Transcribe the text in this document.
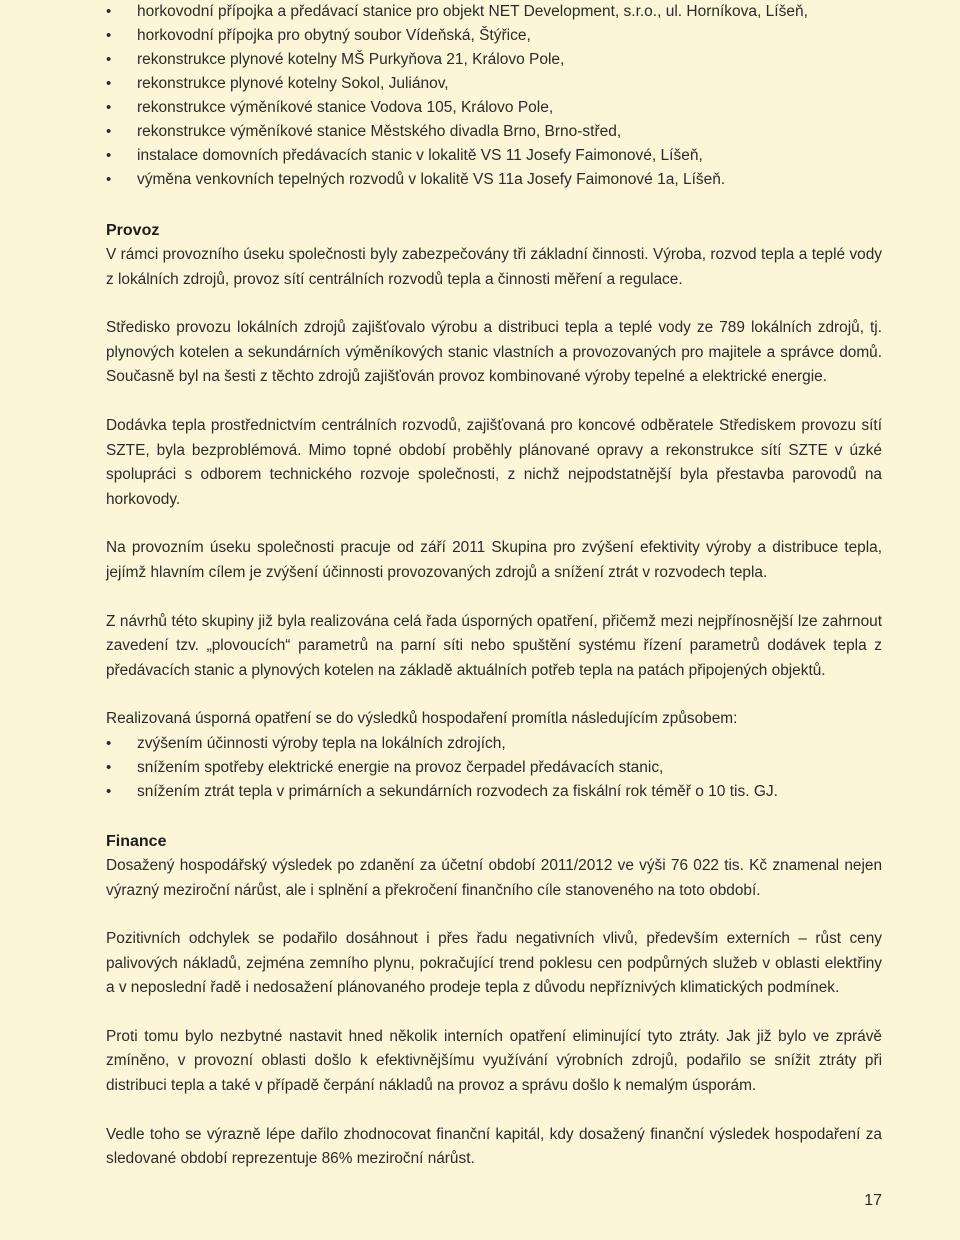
• horkovodní přípojka a předávací stanice pro objekt NET Development, s.r.o., ul. Horníkova, Líšeň,
• horkovodní přípojka pro obytný soubor Vídeňská, Štýřice,
• rekonstrukce plynové kotelny MŠ Purkyňova 21, Královo Pole,
• rekonstrukce plynové kotelny Sokol, Juliánov,
• rekonstrukce výměníkové stanice Vodova 105, Královo Pole,
• rekonstrukce výměníkové stanice Městského divadla Brno, Brno-střed,
• instalace domovních předávacích stanic v lokalitě VS 11 Josefy Faimonové, Líšeň,
• výměna venkovních tepelných rozvodů v lokalitě VS 11a Josefy Faimonové 1a, Líšeň.
Provoz

V rámci provozního úseku společnosti byly zabezpečovány tři základní činnosti. Výroba, rozvod tepla a teplé vody z lokálních zdrojů, provoz sítí centrálních rozvodů tepla a činnosti měření a regulace.

Středisko provozu lokálních zdrojů zajišťovalo výrobu a distribuci tepla a teplé vody ze 789 lokálních zdrojů, tj. plynových kotelen a sekundárních výměníkových stanic vlastních a provozovaných pro majitele a správce domů. Současně byl na šesti z těchto zdrojů zajišťován provoz kombinované výroby tepelné a elektrické energie.

Dodávka tepla prostřednictvím centrálních rozvodů, zajišťovaná pro koncové odběratele Střediskem provozu sítí SZTE, byla bezproblémová. Mimo topné období proběhly plánované opravy a rekonstrukce sítí SZTE v úzké spolupráci s odborem technického rozvoje společnosti, z nichž nejpodstatnější byla přestavba parovodů na horkovody.

Na provozním úseku společnosti pracuje od září 2011 Skupina pro zvýšení efektivity výroby a distribuce tepla, jejímž hlavním cílem je zvýšení účinnosti provozovaných zdrojů a snížení ztrát v rozvodech tepla.

Z návrhů této skupiny již byla realizována celá řada úsporných opatření, přičemž mezi nejpřínosnější lze zahrnout zavedení tzv. „plovoucích“ parametrů na parní síti nebo spuštění systému řízení parametrů dodávek tepla z předávacích stanic a plynových kotelen na základě aktuálních potřeb tepla na patách připojených objektů.

Realizovaná úsporná opatření se do výsledků hospodaření promítla následujícím způsobem:

• zvýšením účinnosti výroby tepla na lokálních zdrojích,
• snížením spotřeby elektrické energie na provoz čerpadel předávacích stanic,
• snížením ztrát tepla v primárních a sekundárních rozvodech za fiskální rok téměř o 10 tis. GJ.
Finance

Dosažený hospodářský výsledek po zdanění za účetní období 2011/2012 ve výši 76 022 tis. Kč znamenal nejen výrazný meziroční nárůst, ale i splnění a překročení finančního cíle stanoveného na toto období.

Pozitivních odchylek se podařilo dosáhnout i přes řadu negativních vlivů, především externích – růst ceny palivových nákladů, zejména zemního plynu, pokračující trend poklesu cen podpůrných služeb v oblasti elektřiny a v neposlední řadě i nedosažení plánovaného prodeje tepla z důvodu nepříznivých klimatických podmínek.

Proti tomu bylo nezbytné nastavit hned několik interních opatření eliminující tyto ztráty. Jak již bylo ve zprávě zmíněno, v provozní oblasti došlo k efektivnějšímu využívání výrobních zdrojů, podařilo se snížit ztráty při distribuci tepla a také v případě čerpání nákladů na provoz a správu došlo k nemalým úsporám.

Vedle toho se výrazně lépe dařilo zhodnocovat finanční kapitál, kdy dosažený finanční výsledek hospodaření za sledované období reprezentuje 86% meziroční nárůst.

17
